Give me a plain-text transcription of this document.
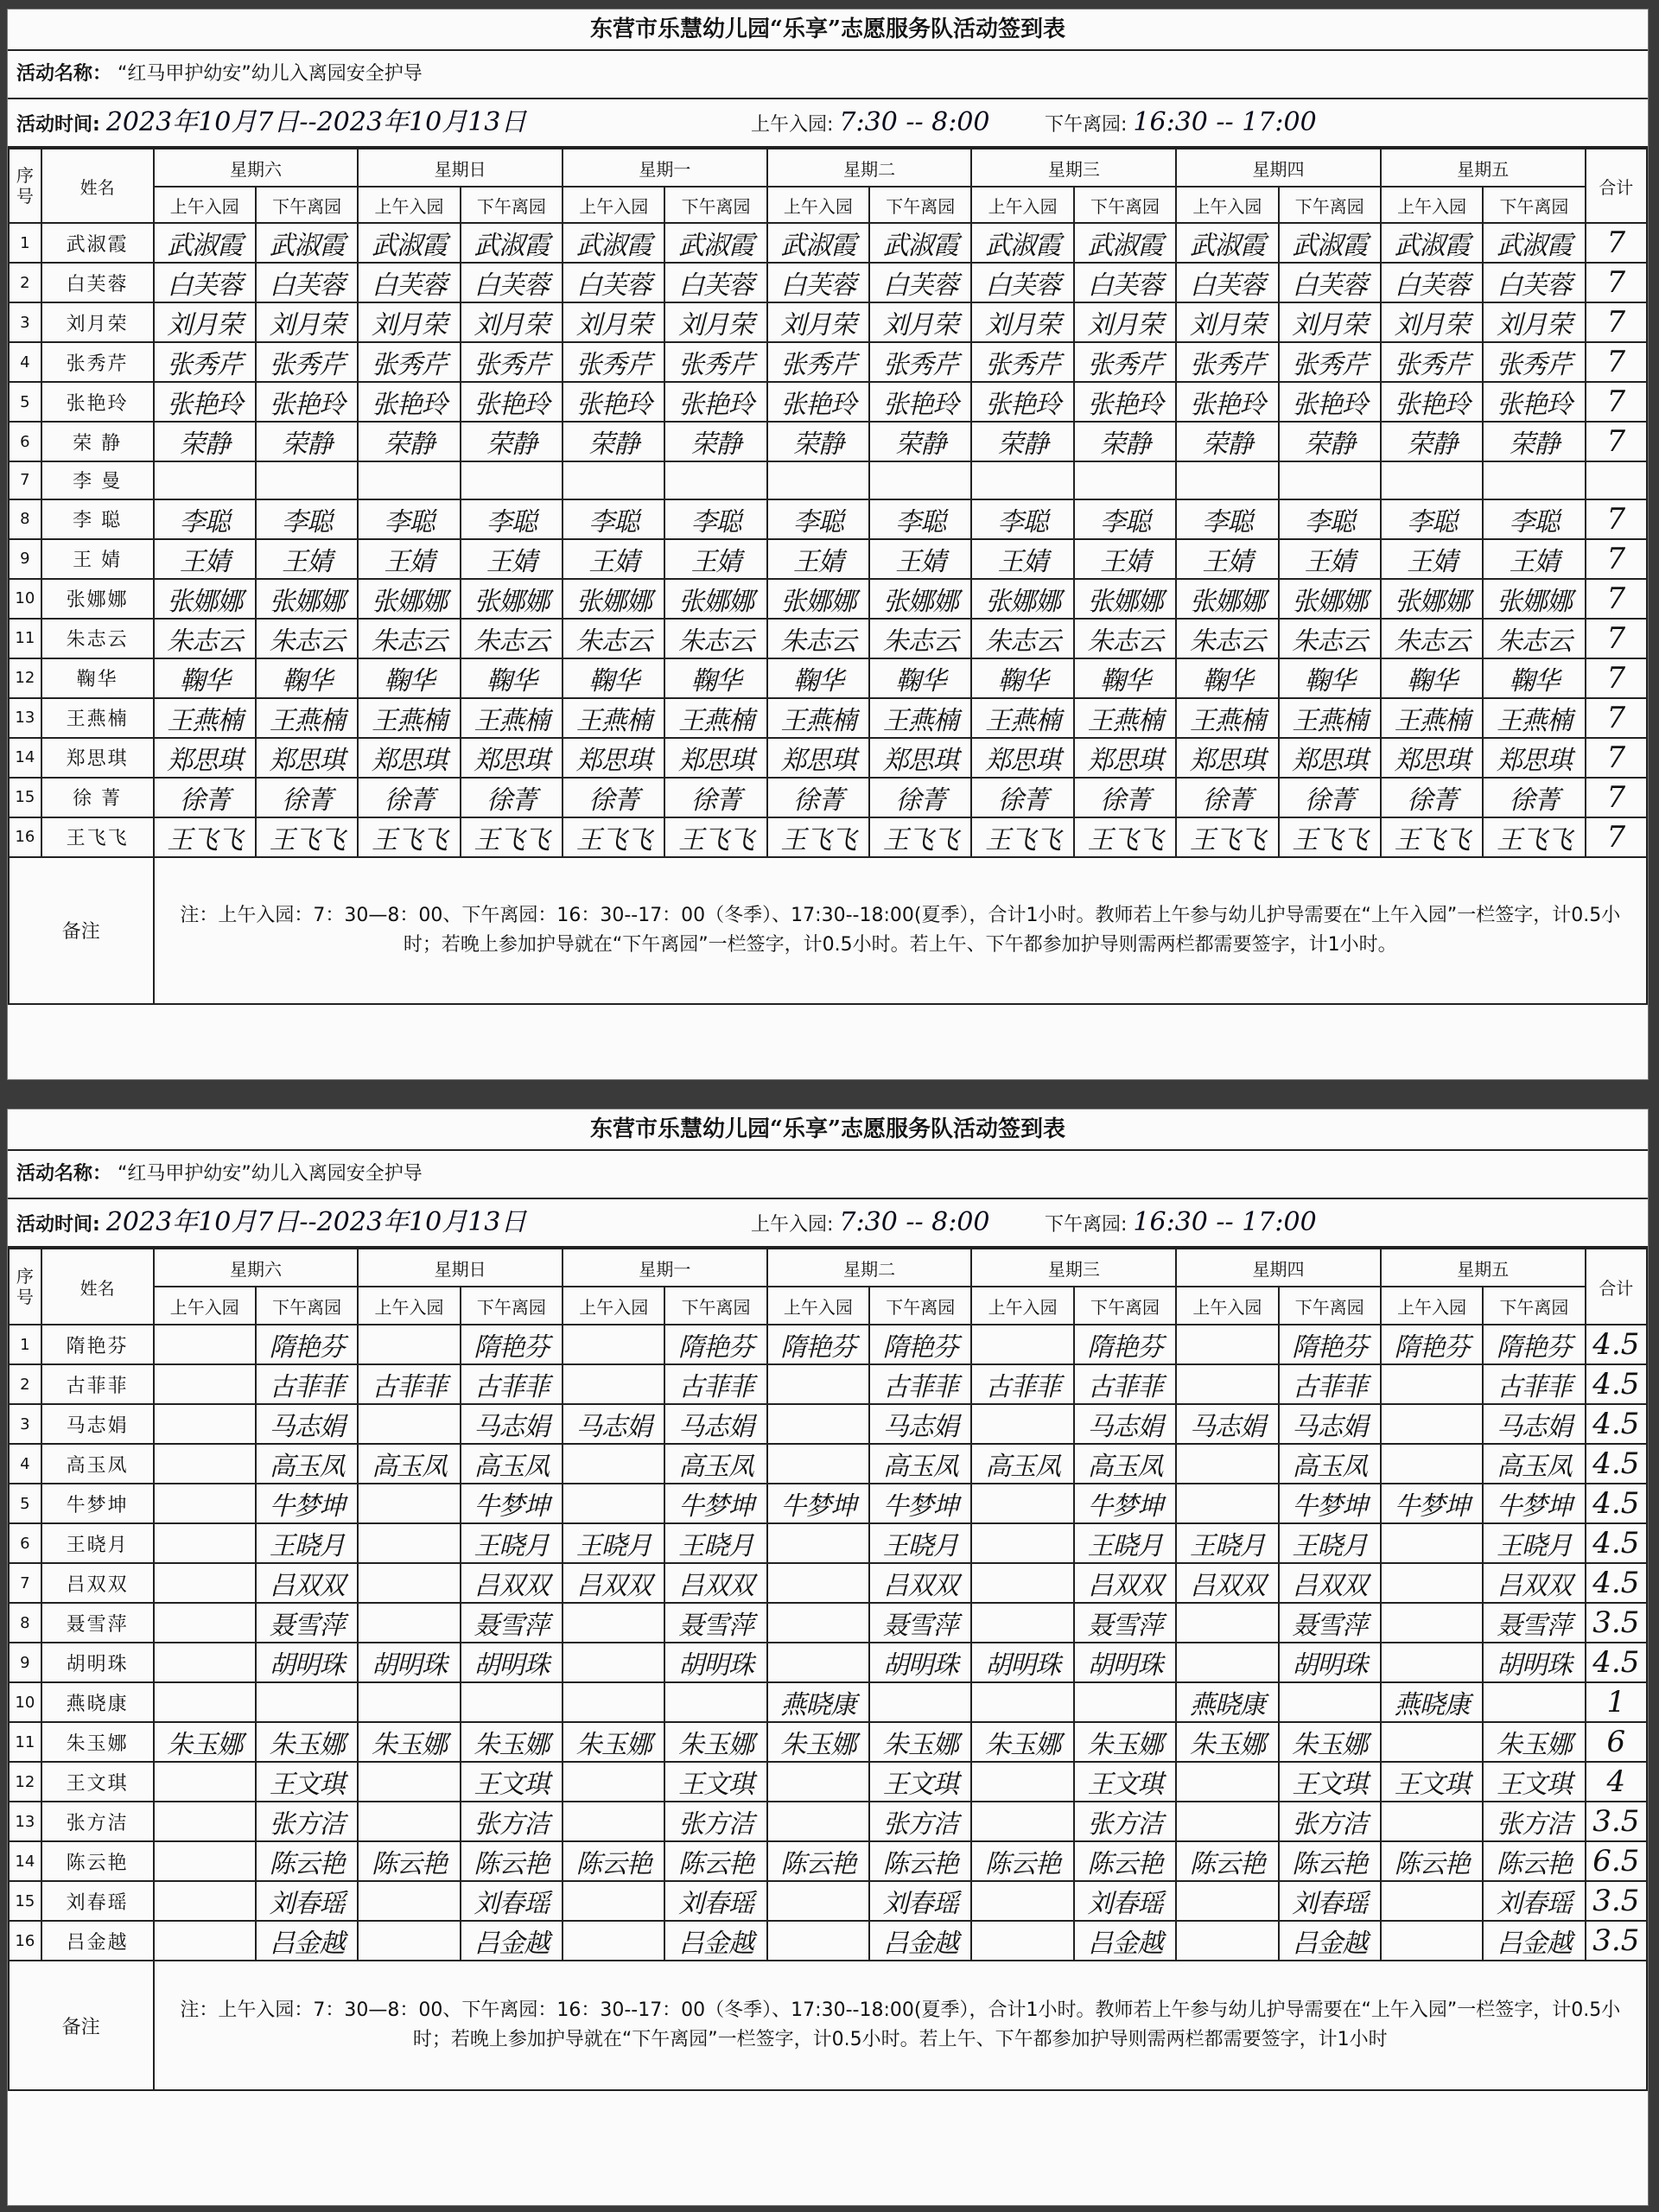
东营市乐慧幼儿园“乐享”志愿服务队活动签到表
活动名称： “红马甲护幼安”幼儿入离园安全护导
活动时间: 2023年10月7日--2023年10月13日	上午入园: 7:30 -- 8:00	下午离园: 16:30 -- 17:00
序号	姓名	星期六		星期日		星期一		星期二		星期三		星期四		星期五		合计
		上午入园	下午离园	上午入园	下午离园	上午入园	下午离园	上午入园	下午离园	上午入园	下午离园	上午入园	下午离园	上午入园	下午离园	
1	武淑霞	武淑霞	武淑霞	武淑霞	武淑霞	武淑霞	武淑霞	武淑霞	武淑霞	武淑霞	武淑霞	武淑霞	武淑霞	武淑霞	武淑霞	7
2	白芙蓉	白芙蓉	白芙蓉	白芙蓉	白芙蓉	白芙蓉	白芙蓉	白芙蓉	白芙蓉	白芙蓉	白芙蓉	白芙蓉	白芙蓉	白芙蓉	白芙蓉	7
3	刘月荣	刘月荣	刘月荣	刘月荣	刘月荣	刘月荣	刘月荣	刘月荣	刘月荣	刘月荣	刘月荣	刘月荣	刘月荣	刘月荣	刘月荣	7
4	张秀芹	张秀芹	张秀芹	张秀芹	张秀芹	张秀芹	张秀芹	张秀芹	张秀芹	张秀芹	张秀芹	张秀芹	张秀芹	张秀芹	张秀芹	7
5	张艳玲	张艳玲	张艳玲	张艳玲	张艳玲	张艳玲	张艳玲	张艳玲	张艳玲	张艳玲	张艳玲	张艳玲	张艳玲	张艳玲	张艳玲	7
6	荣 静	荣静	荣静	荣静	荣静	荣静	荣静	荣静	荣静	荣静	荣静	荣静	荣静	荣静	荣静	7
7	李 曼															
8	李 聪	李聪	李聪	李聪	李聪	李聪	李聪	李聪	李聪	李聪	李聪	李聪	李聪	李聪	李聪	7
9	王 婧	王婧	王婧	王婧	王婧	王婧	王婧	王婧	王婧	王婧	王婧	王婧	王婧	王婧	王婧	7
10	张娜娜	张娜娜	张娜娜	张娜娜	张娜娜	张娜娜	张娜娜	张娜娜	张娜娜	张娜娜	张娜娜	张娜娜	张娜娜	张娜娜	张娜娜	7
11	朱志云	朱志云	朱志云	朱志云	朱志云	朱志云	朱志云	朱志云	朱志云	朱志云	朱志云	朱志云	朱志云	朱志云	朱志云	7
12	鞠华	鞠华	鞠华	鞠华	鞠华	鞠华	鞠华	鞠华	鞠华	鞠华	鞠华	鞠华	鞠华	鞠华	鞠华	7
13	王燕楠	王燕楠	王燕楠	王燕楠	王燕楠	王燕楠	王燕楠	王燕楠	王燕楠	王燕楠	王燕楠	王燕楠	王燕楠	王燕楠	王燕楠	7
14	郑思琪	郑思琪	郑思琪	郑思琪	郑思琪	郑思琪	郑思琪	郑思琪	郑思琪	郑思琪	郑思琪	郑思琪	郑思琪	郑思琪	郑思琪	7
15	徐 菁	徐菁	徐菁	徐菁	徐菁	徐菁	徐菁	徐菁	徐菁	徐菁	徐菁	徐菁	徐菁	徐菁	徐菁	7
16	王飞飞	王飞飞	王飞飞	王飞飞	王飞飞	王飞飞	王飞飞	王飞飞	王飞飞	王飞飞	王飞飞	王飞飞	王飞飞	王飞飞	王飞飞	7
备注		注：上午入园：7：30—8：00、下午离园：16：30--17：00（冬季）、17:30--18:00(夏季），合计1小时。教师若上午参与幼儿护导需要在“上午入园”一栏签字，计0.5小时；若晚上参加护导就在“下午离园”一栏签字，计0.5小时。若上午、下午都参加护导则需两栏都需要签字，计1小时。														
东营市乐慧幼儿园“乐享”志愿服务队活动签到表
活动名称： “红马甲护幼安”幼儿入离园安全护导
活动时间: 2023年10月7日--2023年10月13日	上午入园: 7:30 -- 8:00	下午离园: 16:30 -- 17:00
序号	姓名	星期六		星期日		星期一		星期二		星期三		星期四		星期五		合计
		上午入园	下午离园	上午入园	下午离园	上午入园	下午离园	上午入园	下午离园	上午入园	下午离园	上午入园	下午离园	上午入园	下午离园	
1	隋艳芬		隋艳芬		隋艳芬		隋艳芬	隋艳芬	隋艳芬		隋艳芬		隋艳芬	隋艳芬	隋艳芬	4.5
2	古菲菲		古菲菲	古菲菲	古菲菲		古菲菲		古菲菲	古菲菲	古菲菲		古菲菲		古菲菲	4.5
3	马志娟		马志娟		马志娟	马志娟	马志娟		马志娟		马志娟	马志娟	马志娟		马志娟	4.5
4	高玉凤		高玉凤	高玉凤	高玉凤		高玉凤		高玉凤	高玉凤	高玉凤		高玉凤		高玉凤	4.5
5	牛梦坤		牛梦坤		牛梦坤		牛梦坤	牛梦坤	牛梦坤		牛梦坤		牛梦坤	牛梦坤	牛梦坤	4.5
6	王晓月		王晓月		王晓月	王晓月	王晓月		王晓月		王晓月	王晓月	王晓月		王晓月	4.5
7	吕双双		吕双双		吕双双	吕双双	吕双双		吕双双		吕双双	吕双双	吕双双		吕双双	4.5
8	聂雪萍		聂雪萍		聂雪萍		聂雪萍		聂雪萍		聂雪萍		聂雪萍		聂雪萍	3.5
9	胡明珠		胡明珠	胡明珠	胡明珠		胡明珠		胡明珠	胡明珠	胡明珠		胡明珠		胡明珠	4.5
10	燕晓康							燕晓康				燕晓康		燕晓康		1
11	朱玉娜	朱玉娜	朱玉娜	朱玉娜	朱玉娜	朱玉娜	朱玉娜	朱玉娜	朱玉娜	朱玉娜	朱玉娜	朱玉娜	朱玉娜		朱玉娜	6
12	王文琪		王文琪		王文琪		王文琪		王文琪		王文琪		王文琪	王文琪	王文琪	4
13	张方洁		张方洁		张方洁		张方洁		张方洁		张方洁		张方洁		张方洁	3.5
14	陈云艳		陈云艳	陈云艳	陈云艳	陈云艳	陈云艳	陈云艳	陈云艳	陈云艳	陈云艳	陈云艳	陈云艳	陈云艳	陈云艳	6.5
15	刘春瑶		刘春瑶		刘春瑶		刘春瑶		刘春瑶		刘春瑶		刘春瑶		刘春瑶	3.5
16	吕金越		吕金越		吕金越		吕金越		吕金越		吕金越		吕金越		吕金越	3.5
备注		注：上午入园：7：30—8：00、下午离园：16：30--17：00（冬季）、17:30--18:00(夏季），合计1小时。教师若上午参与幼儿护导需要在“上午入园”一栏签字，计0.5小时；若晚上参加护导就在“下午离园”一栏签字，计0.5小时。若上午、下午都参加护导则需两栏都需要签字，计1小时														
